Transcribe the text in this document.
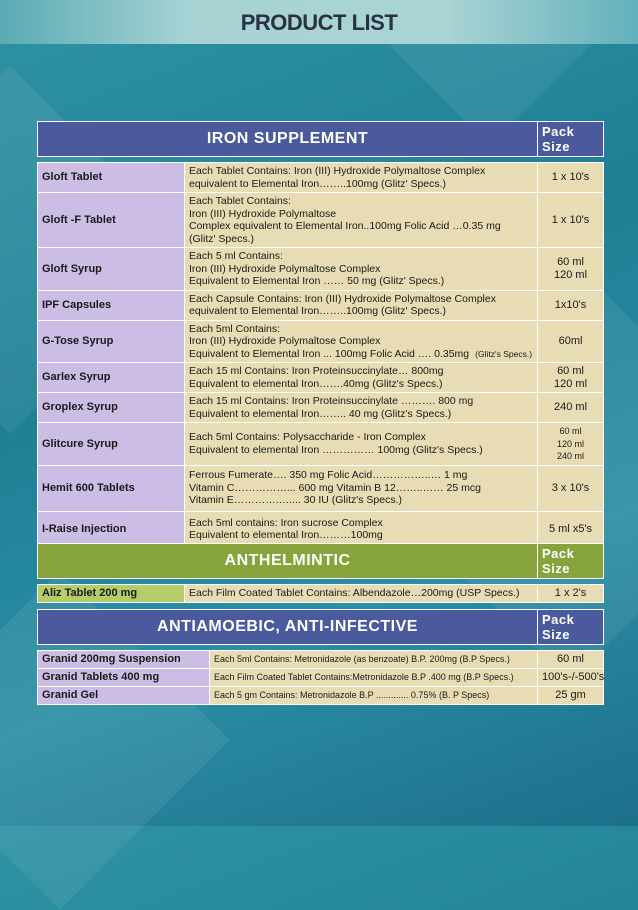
PRODUCT LIST
IRON SUPPLEMENT		Pack
Size

Gloft Tablet	Each Tablet Contains: Iron (III) Hydroxide Polymaltose Complex
equivalent to Elemental Iron……..100mg (Glitz' Specs.)	1 x 10's

Gloft -F Tablet	Each Tablet Contains:
Iron (III) Hydroxide Polymaltose
Complex equivalent to Elemental Iron..100mg Folic Acid …0.35 mg
(Glitz' Specs.)	1 x 10's

Gloft Syrup	Each 5 ml Contains:
Iron (III) Hydroxide Polymaltose Complex
Equivalent to Elemental Iron …… 50 mg (Glitz' Specs.)	60 ml
120 ml

IPF Capsules	Each Capsule Contains: Iron (III) Hydroxide Polymaltose Complex
equivalent to Elemental Iron……..100mg (Glitz' Specs.)	1x10's

G-Tose Syrup	Each 5ml Contains:
Iron (III) Hydroxide Polymaltose Complex
Equivalent to Elemental Iron ... 100mg Folic Acid …. 0.35mg (Glitz's Specs.)	60ml

Garlex Syrup	Each 15 ml Contains: Iron Proteinsuccinylate… 800mg
Equivalent to elemental Iron…….40mg (Glitz's Specs.)	60 ml
120 ml

Groplex Syrup	Each 15 ml Contains: Iron Proteinsuccinylate ………. 800 mg
Equivalent to elemental Iron…….. 40 mg (Glitz's Specs.)	240 ml

Glitcure Syrup	Each 5ml Contains: Polysaccharide - Iron Complex
Equivalent to elemental Iron …………… 100mg (Glitz's Specs.)	60 ml
120 ml
240 ml

Hemit 600 Tablets	Ferrous Fumerate…. 350 mg Folic Acid……………..… 1 mg
Vitamin C……………... 600 mg Vitamin B 12……..…… 25 mcg
Vitamin E………….….... 30 IU (Glitz's Specs.)	3 x 10's

I-Raise Injection	Each 5ml contains: Iron sucrose Complex
Equivalent to elemental Iron………100mg	5 ml x5's
ANTHELMINTIC		Pack
Size

Aliz Tablet 200 mg	Each Film Coated Tablet Contains: Albendazole…200mg (USP Specs.)	1 x 2's
ANTIAMOEBIC, ANTI-INFECTIVE		Pack
Size

Granid 200mg Suspension	Each 5ml Contains: Metronidazole (as benzoate) B.P. 200mg (B.P Specs.)	60 ml

Granid Tablets 400 mg	Each Film Coated Tablet Contains:Metronidazole B.P .400 mg (B.P Specs.)	100's-/-500's

Granid Gel	Each 5 gm Contains: Metronidazole B.P ............. 0.75% (B. P Specs)	25 gm
